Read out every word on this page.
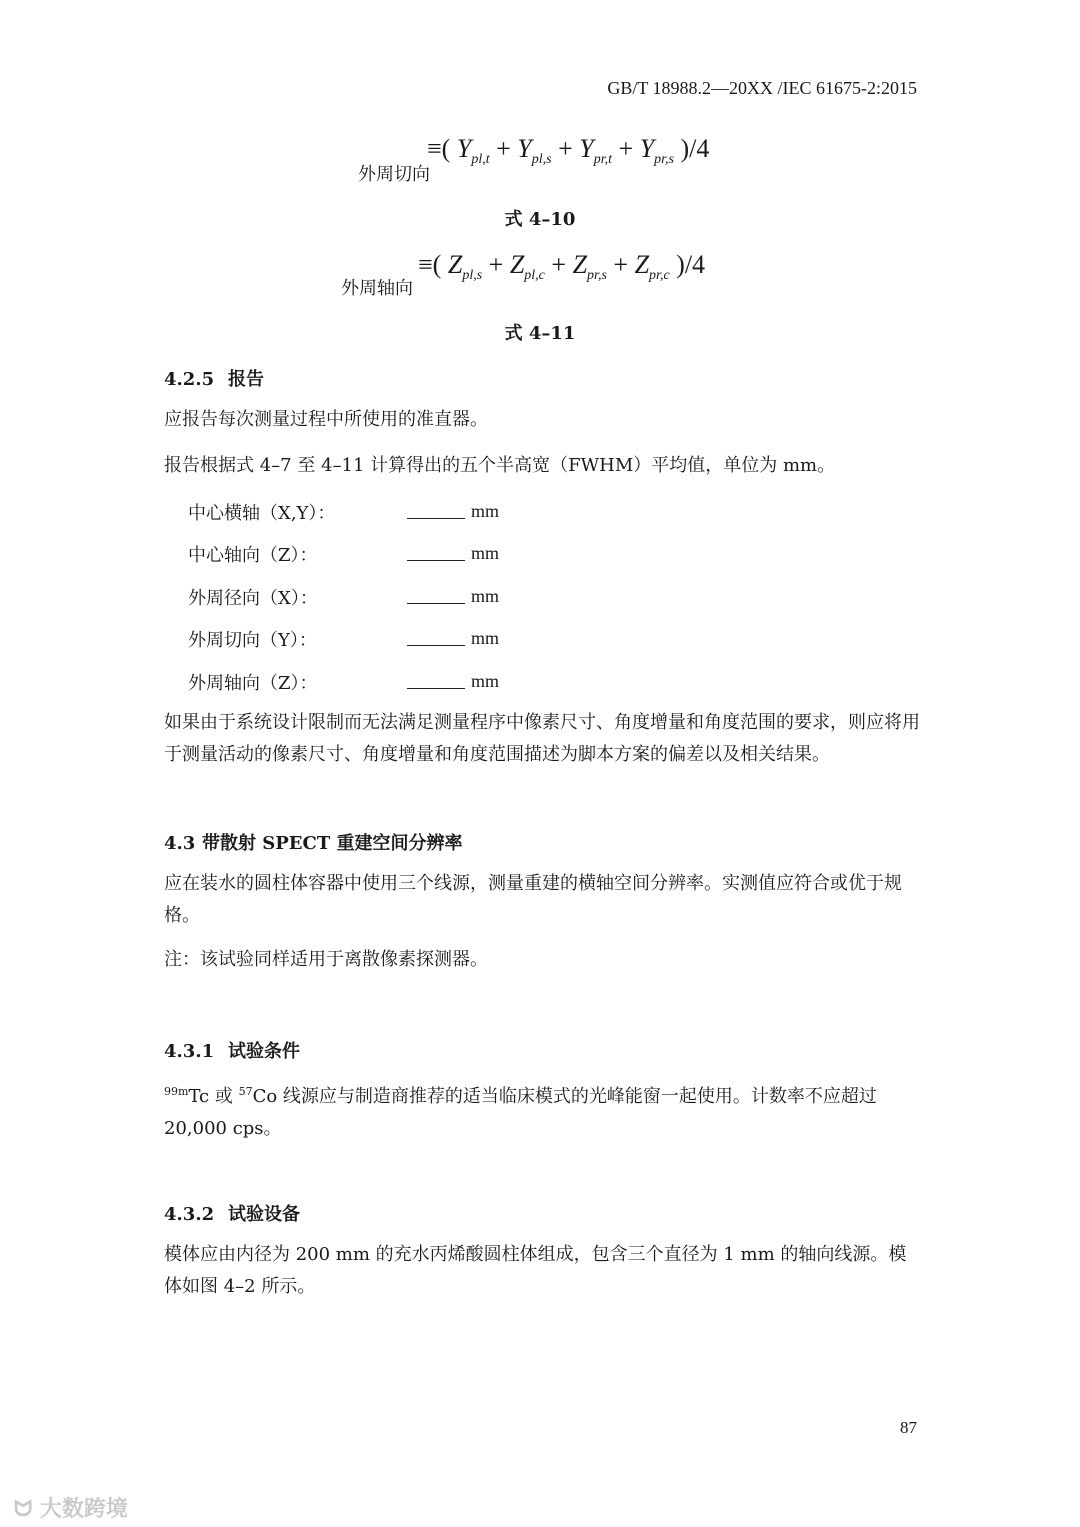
GB/T 18988.2—20XX /IEC 61675-2:2015
外周切向
≡( $Y_{pl,t} + Y_{pl,s} + Y_{pr,t} + Y_{pr,s}$ )/4
式 4–10
外周轴向
≡( $Z_{pl,s} + Z_{pl,c} + Z_{pr,s} + Z_{pr,c}$ )/4
式 4–11
4.2.5 报告
应报告每次测量过程中所使用的准直器。
报告根据式 4–7 至 4–11 计算得出的五个半高宽（FWHM）平均值，单位为 mm。
中心横轴（X,Y）：	mm
中心轴向（Z）：	mm
外周径向（X）：	mm
外周切向（Y）：	mm
外周轴向（Z）：	mm
如果由于系统设计限制而无法满足测量程序中像素尺寸、角度增量和角度范围的要求，则应将用于测量活动的像素尺寸、角度增量和角度范围描述为脚本方案的偏差以及相关结果。
4.3 带散射 SPECT 重建空间分辨率
应在装水的圆柱体容器中使用三个线源，测量重建的横轴空间分辨率。实测值应符合或优于规格。
注：该试验同样适用于离散像素探测器。
4.3.1 试验条件
$^{99m}$Tc 或 $^{57}$Co 线源应与制造商推荐的适当临床模式的光峰能窗一起使用。计数率不应超过 20,000 cps。
4.3.2 试验设备
模体应由内径为 200 mm 的充水丙烯酸圆柱体组成，包含三个直径为 1 mm 的轴向线源。模体如图 4–2 所示。
87
ᗢ 大数跨境
